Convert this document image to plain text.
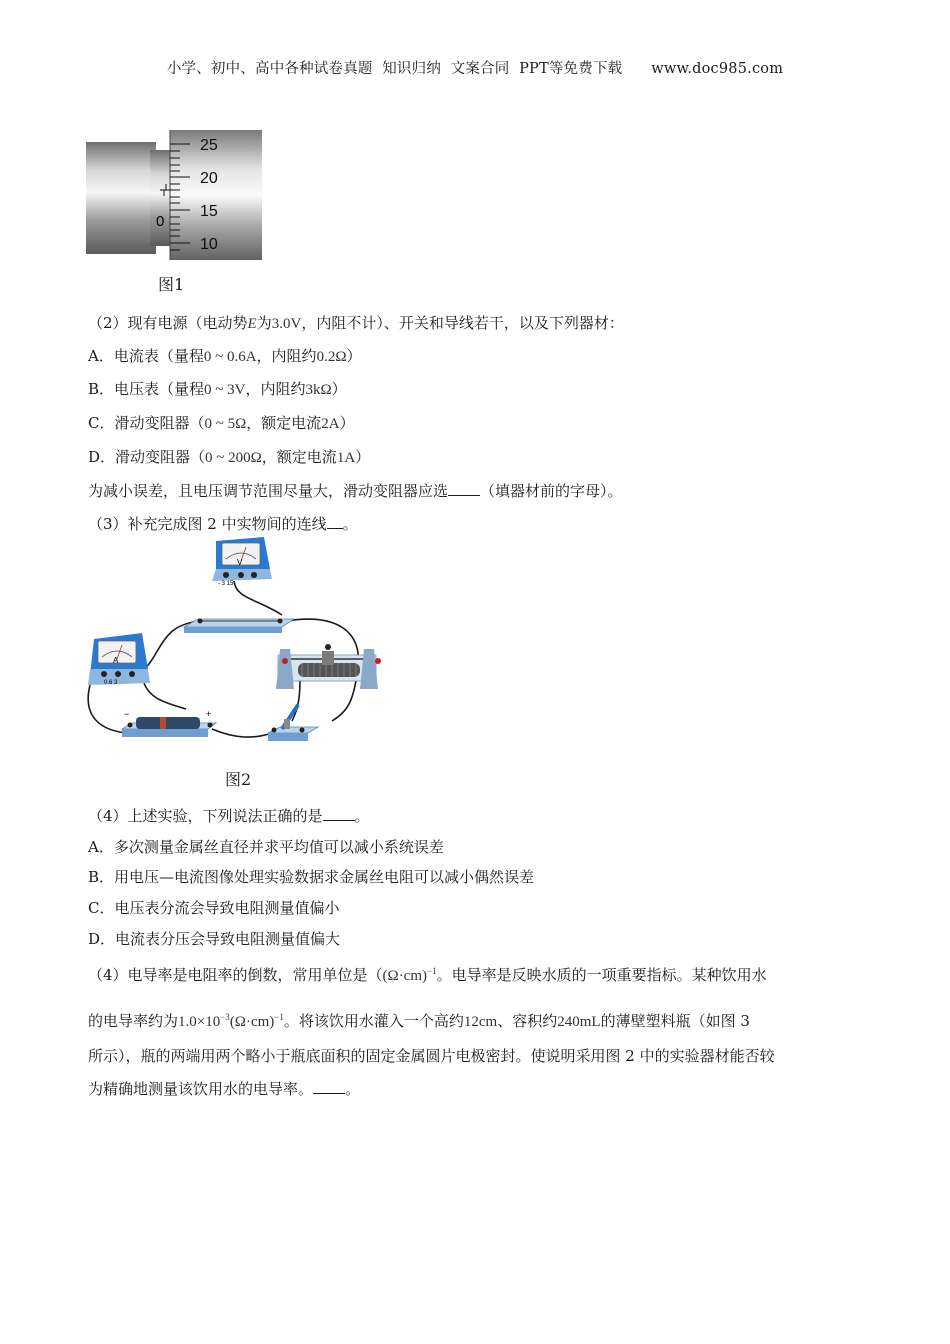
小学、初中、高中各种试卷真题  知识归纳  文案合同  PPT等免费下载 www.doc985.com
0
25
20
15
10
图1
（2）现有电源（电动势E为3.0V，内阻不计）、开关和导线若干，以及下列器材：
A．电流表（量程0 ~ 0.6A，内阻约0.2Ω）
B．电压表（量程0 ~ 3V，内阻约3kΩ）
C．滑动变阻器（0 ~ 5Ω，额定电流2A）
D．滑动变阻器（0 ~ 200Ω，额定电流1A）
为减小误差，且电压调节范围尽量大，滑动变阻器应选 （填器材前的字母）。
（3）补充完成图 2 中实物间的连线 。
V
- 3 15
A
0.6 3
−	+
图2
（4）上述实验，下列说法正确的是 。
A．多次测量金属丝直径并求平均值可以减小系统误差
B．用电压—电流图像处理实验数据求金属丝电阻可以减小偶然误差
C．电压表分流会导致电阻测量值偏小
D．电流表分压会导致电阻测量值偏大
（4）电导率是电阻率的倒数，常用单位是（$(\Omega\cdot cm)^{-1}$。电导率是反映水质的一项重要指标。某种饮用水
的电导率约为$1.0\times 10^{-3}(\Omega\cdot cm)^{-1}$。将该饮用水灌入一个高约12cm、容积约240mL的薄壁塑料瓶（如图 3
所示），瓶的两端用两个略小于瓶底面积的固定金属圆片电极密封。使说明采用图 2 中的实验器材能否较
为精确地测量该饮用水的电导率。 。
